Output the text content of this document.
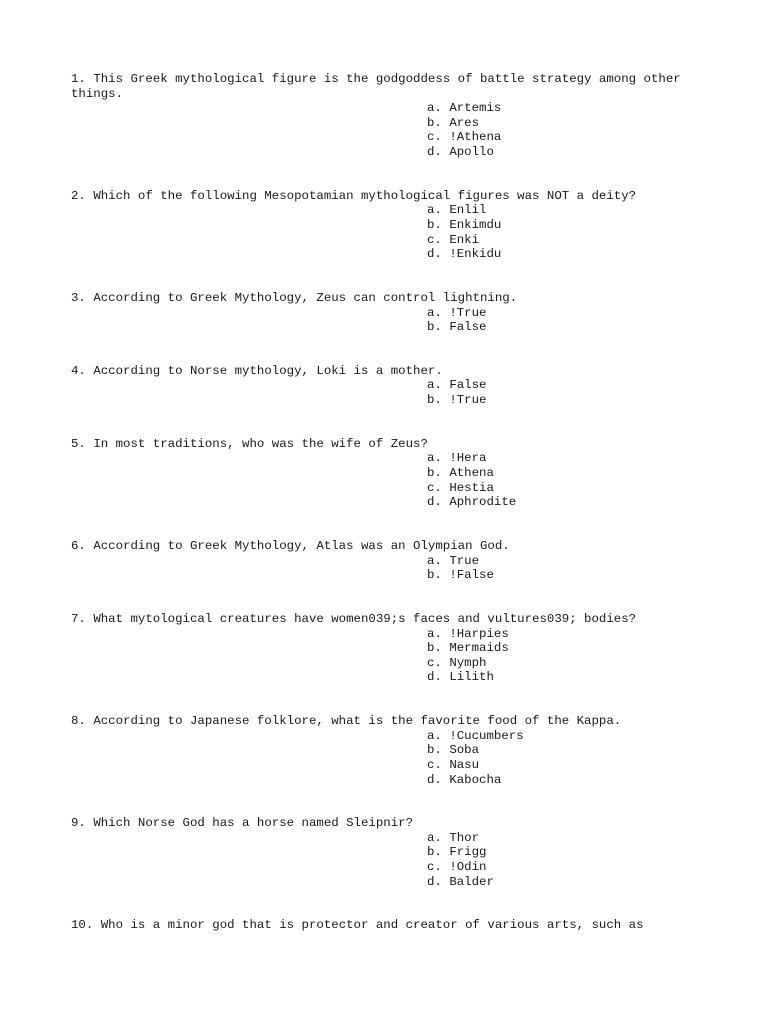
1. This Greek mythological figure is the godgoddess of battle strategy among other things.

a. Artemis
b. Ares
c. !Athena
d. Apollo

2. Which of the following Mesopotamian mythological figures was NOT a deity?

a. Enlil
b. Enkimdu
c. Enki
d. !Enkidu

3. According to Greek Mythology, Zeus can control lightning.

a. !True
b. False

4. According to Norse mythology, Loki is a mother.

a. False
b. !True

5. In most traditions, who was the wife of Zeus?

a. !Hera
b. Athena
c. Hestia
d. Aphrodite

6. According to Greek Mythology, Atlas was an Olympian God.

a. True
b. !False

7. What mytological creatures have women039;s faces and vultures039; bodies?

a. !Harpies
b. Mermaids
c. Nymph
d. Lilith

8. According to Japanese folklore, what is the favorite food of the Kappa.

a. !Cucumbers
b. Soba
c. Nasu
d. Kabocha

9. Which Norse God has a horse named Sleipnir?

a. Thor
b. Frigg
c. !Odin
d. Balder

10. Who is a minor god that is protector and creator of various arts, such as
